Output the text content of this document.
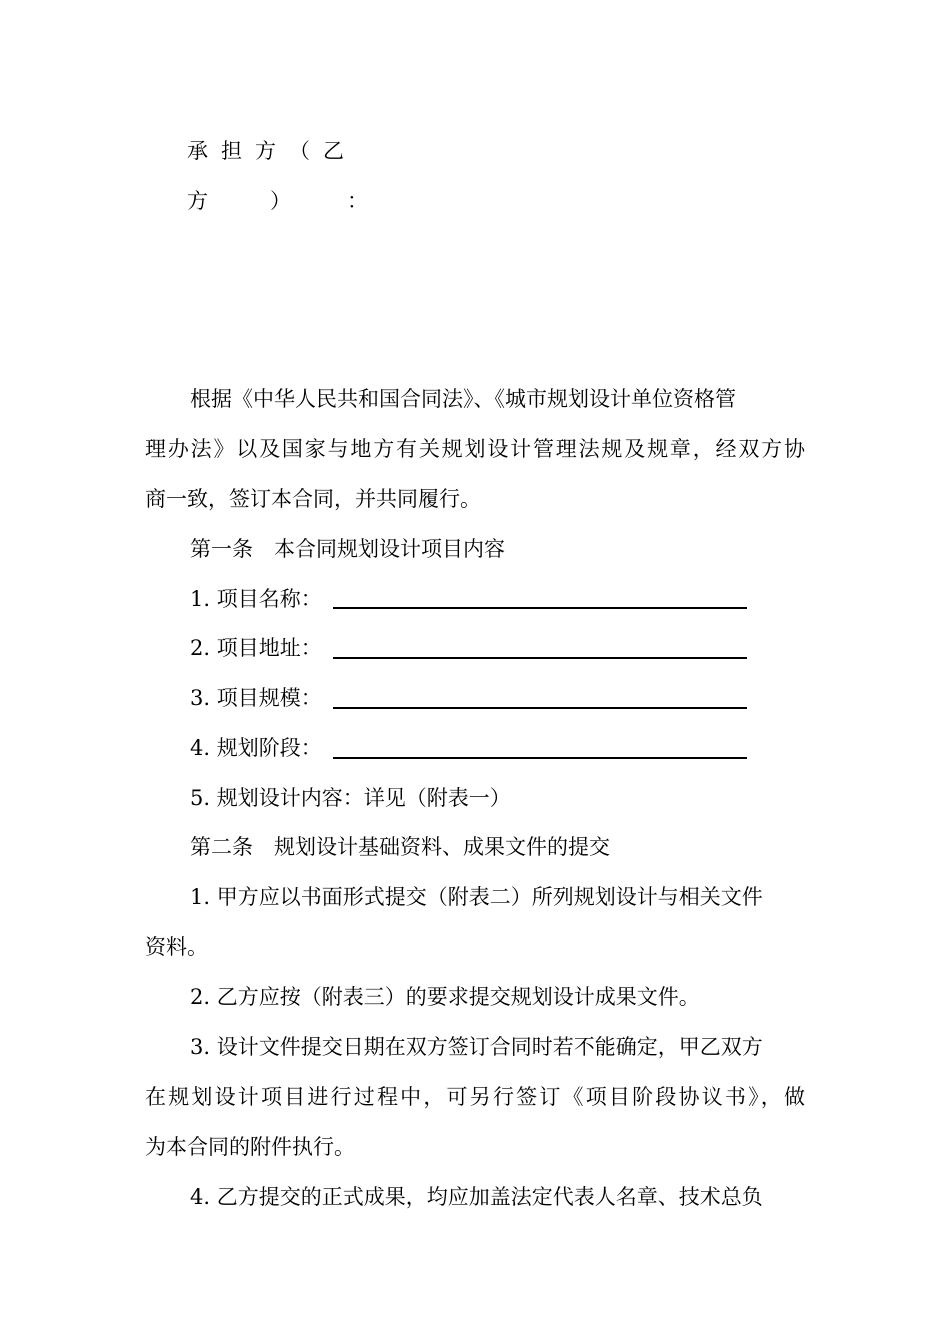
承担方（乙
方	）	：
根据《中华人民共和国合同法》、《城市规划设计单位资格管
理办法》以及国家与地方有关规划设计管理法规及规章，经双方协
商一致，签订本合同，并共同履行。
第一条　本合同规划设计项目内容
1. 项目名称：
2. 项目地址：
3. 项目规模：
4. 规划阶段：
5. 规划设计内容：详见（附表一）
第二条　规划设计基础资料、成果文件的提交
1. 甲方应以书面形式提交（附表二）所列规划设计与相关文件
资料。
2. 乙方应按（附表三）的要求提交规划设计成果文件。
3. 设计文件提交日期在双方签订合同时若不能确定，甲乙双方
在规划设计项目进行过程中，可另行签订《项目阶段协议书》，做
为本合同的附件执行。
4. 乙方提交的正式成果，均应加盖法定代表人名章、技术总负
